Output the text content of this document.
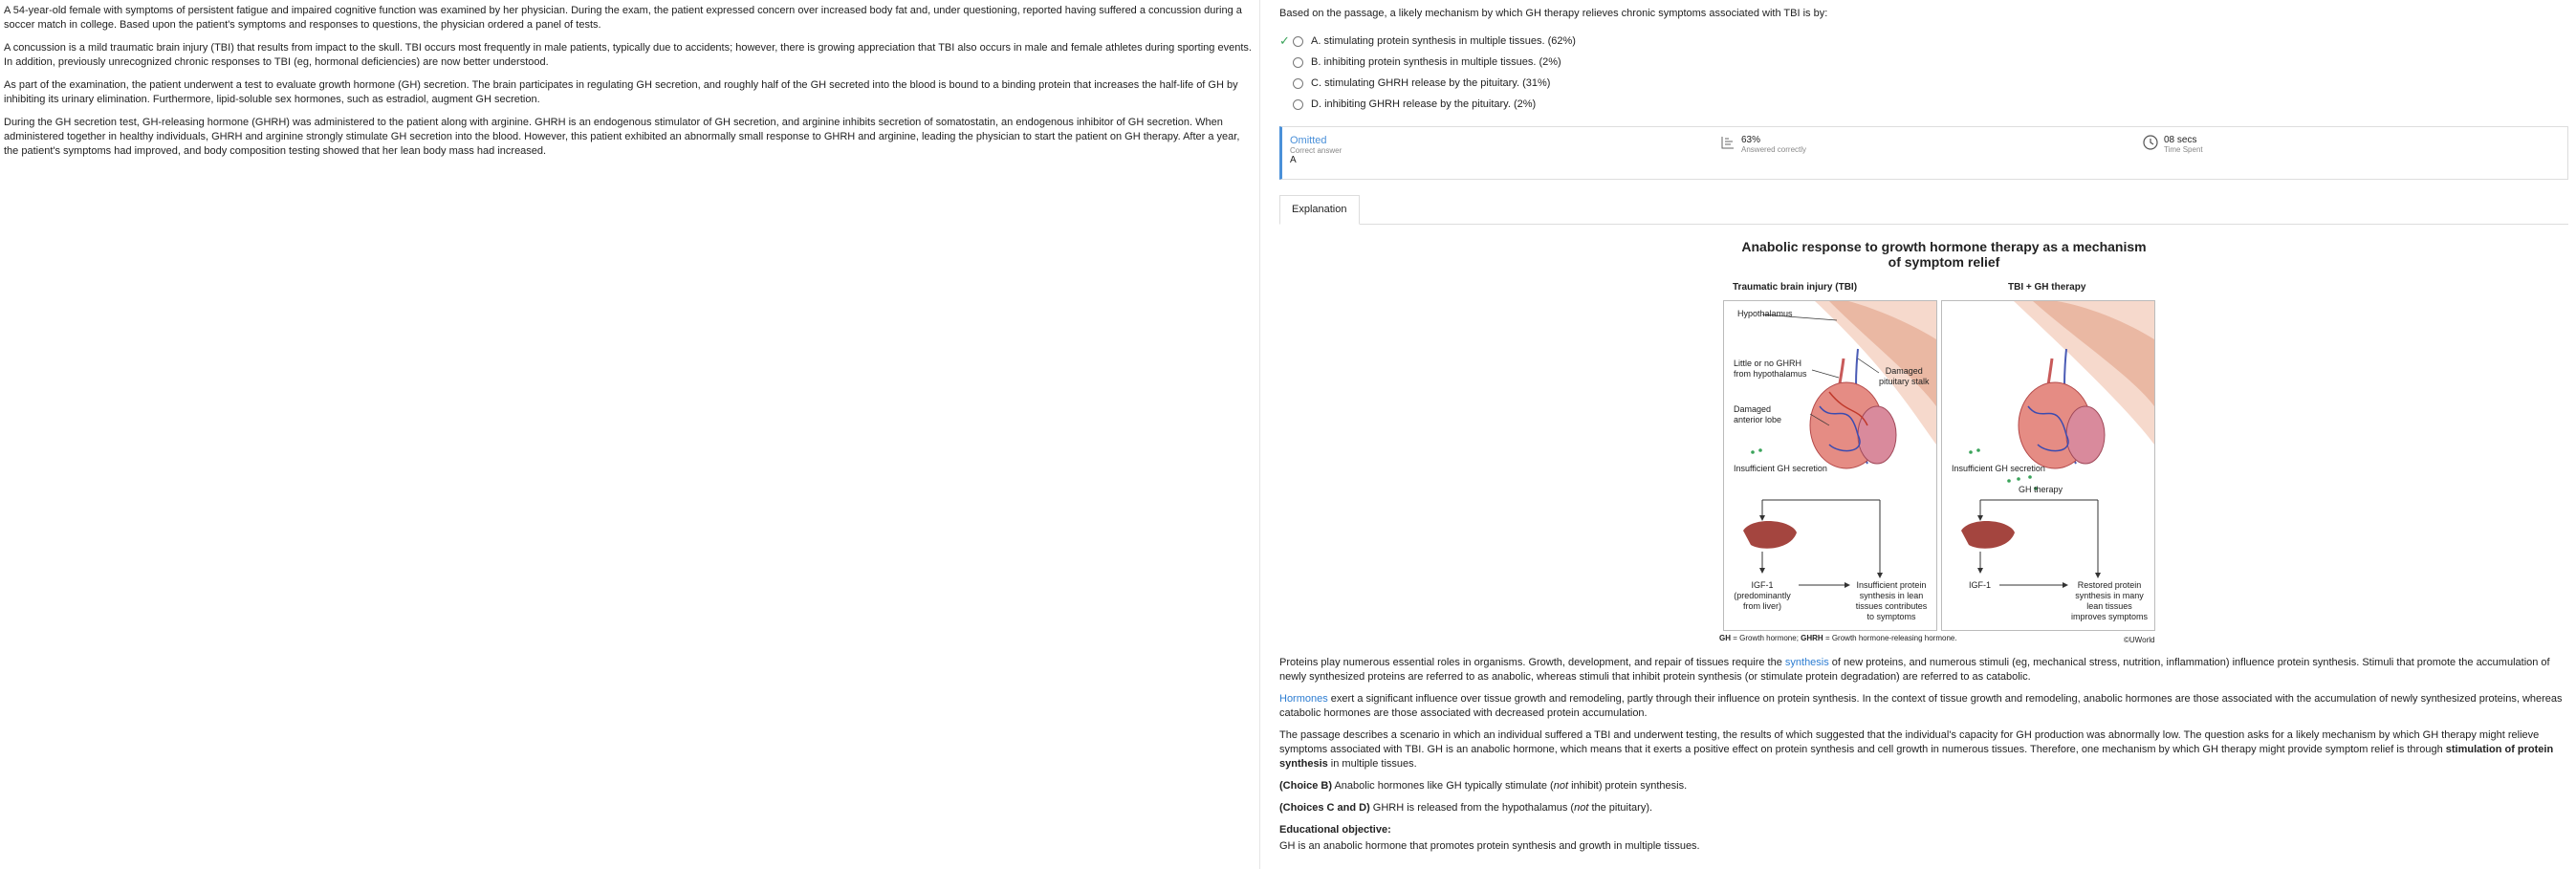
A 54-year-old female with symptoms of persistent fatigue and impaired cognitive function was examined by her physician. During the exam, the patient expressed concern over increased body fat and, under questioning, reported having suffered a concussion during a soccer match in college. Based upon the patient's symptoms and responses to questions, the physician ordered a panel of tests.

A concussion is a mild traumatic brain injury (TBI) that results from impact to the skull. TBI occurs most frequently in male patients, typically due to accidents; however, there is growing appreciation that TBI also occurs in male and female athletes during sporting events. In addition, previously unrecognized chronic responses to TBI (eg, hormonal deficiencies) are now better understood.

As part of the examination, the patient underwent a test to evaluate growth hormone (GH) secretion. The brain participates in regulating GH secretion, and roughly half of the GH secreted into the blood is bound to a binding protein that increases the half-life of GH by inhibiting its urinary elimination. Furthermore, lipid-soluble sex hormones, such as estradiol, augment GH secretion.

During the GH secretion test, GH-releasing hormone (GHRH) was administered to the patient along with arginine. GHRH is an endogenous stimulator of GH secretion, and arginine inhibits secretion of somatostatin, an endogenous inhibitor of GH secretion. When administered together in healthy individuals, GHRH and arginine strongly stimulate GH secretion into the blood. However, this patient exhibited an abnormally small response to GHRH and arginine, leading the physician to start the patient on GH therapy. After a year, the patient's symptoms had improved, and body composition testing showed that her lean body mass had increased.

Based on the passage, a likely mechanism by which GH therapy relieves chronic symptoms associated with TBI is by:
✓ A.
stimulating protein synthesis in multiple tissues. (62%)
B.
inhibiting protein synthesis in multiple tissues. (2%)
C.
stimulating GHRH release by the pituitary. (31%)
D.
inhibiting GHRH release by the pituitary. (2%)
Omitted
Correct answer
A
63%
Answered correctly
08 secs
Time Spent
Explanation
Anabolic response to growth hormone therapy as a mechanism
of symptom relief
Traumatic brain injury (TBI)	TBI + GH therapy
Hypothalamus
Little or no GHRH
from hypothalamus	Damaged
pituitary stalk
Damaged
anterior lobe
Insufficient GH secretion
IGF-1
(predominantly
from liver)
Insufficient protein
synthesis in lean
tissues contributes
to symptoms
Insufficient GH secretion
GH therapy
IGF-1	Restored protein
synthesis in many
lean tissues
improves symptoms
GH = Growth hormone; GHRH = Growth hormone-releasing hormone.	©UWorld

Proteins play numerous essential roles in organisms. Growth, development, and repair of tissues require the synthesis of new proteins, and numerous stimuli (eg, mechanical stress, nutrition, inflammation) influence protein synthesis. Stimuli that promote the accumulation of newly synthesized proteins are referred to as anabolic, whereas stimuli that inhibit protein synthesis (or stimulate protein degradation) are referred to as catabolic.

Hormones exert a significant influence over tissue growth and remodeling, partly through their influence on protein synthesis. In the context of tissue growth and remodeling, anabolic hormones are those associated with the accumulation of newly synthesized proteins, whereas catabolic hormones are those associated with decreased protein accumulation.

The passage describes a scenario in which an individual suffered a TBI and underwent testing, the results of which suggested that the individual's capacity for GH production was abnormally low. The question asks for a likely mechanism by which GH therapy might relieve symptoms associated with TBI. GH is an anabolic hormone, which means that it exerts a positive effect on protein synthesis and cell growth in numerous tissues. Therefore, one mechanism by which GH therapy might provide symptom relief is through stimulation of protein synthesis in multiple tissues.

(Choice B) Anabolic hormones like GH typically stimulate (not inhibit) protein synthesis.

(Choices C and D) GHRH is released from the hypothalamus (not the pituitary).

Educational objective:

GH is an anabolic hormone that promotes protein synthesis and growth in multiple tissues.
